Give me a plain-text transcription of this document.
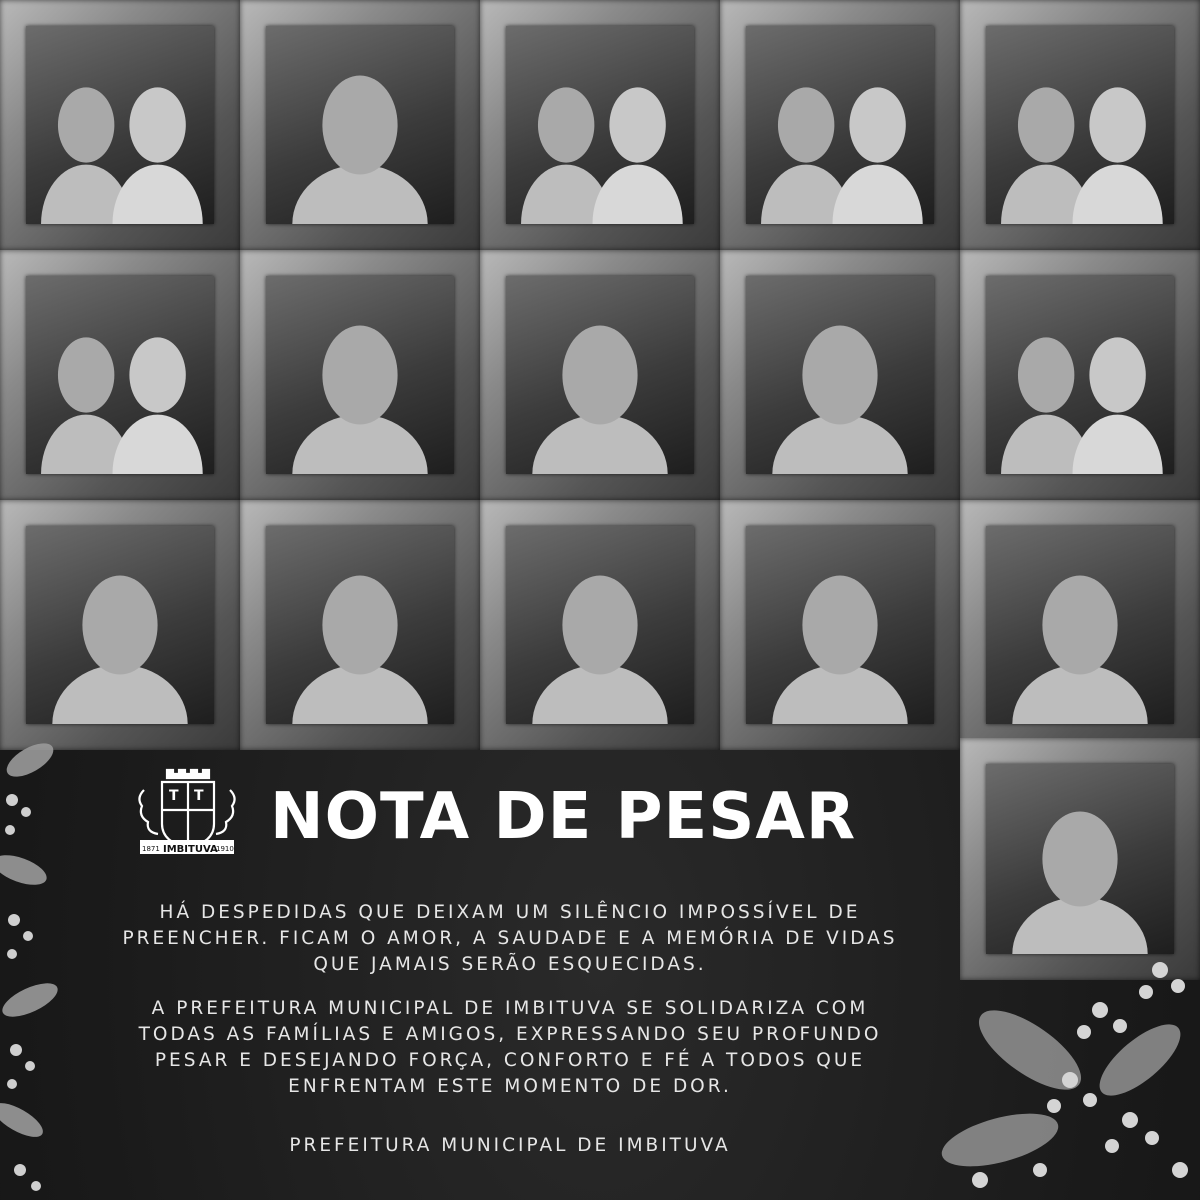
T T
1871 IMBITUVA
1910 NOTA DE PESAR
HÁ DESPEDIDAS QUE DEIXAM UM SILÊNCIO IMPOSSÍVEL DE PREENCHER. FICAM O AMOR, A SAUDADE E A MEMÓRIA DE VIDAS QUE JAMAIS SERÃO ESQUECIDAS.
A PREFEITURA MUNICIPAL DE IMBITUVA SE SOLIDARIZA COM TODAS AS FAMÍLIAS E AMIGOS, EXPRESSANDO SEU PROFUNDO PESAR E DESEJANDO FORÇA, CONFORTO E FÉ A TODOS QUE ENFRENTAM ESTE MOMENTO DE DOR.
PREFEITURA MUNICIPAL DE IMBITUVA
